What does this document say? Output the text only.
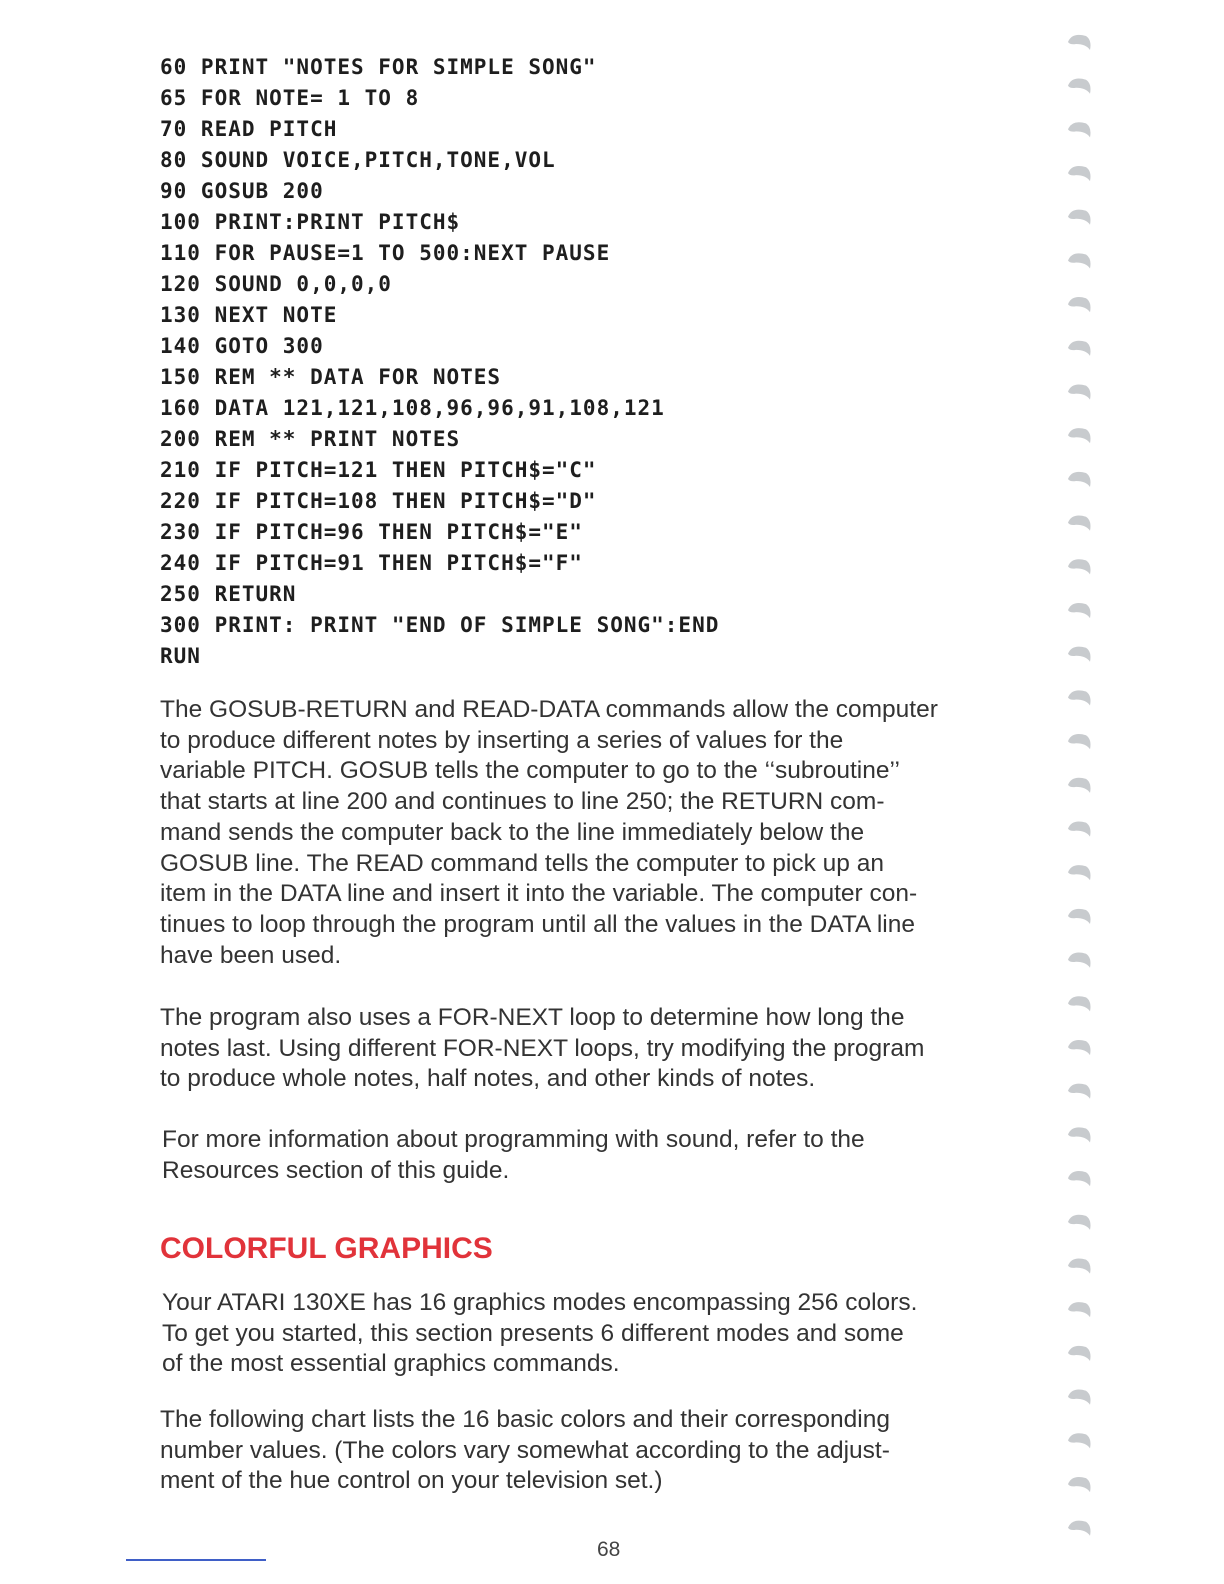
60 PRINT "NOTES FOR SIMPLE SONG"
65 FOR NOTE= 1 TO 8
70 READ PITCH
80 SOUND VOICE,PITCH,TONE,VOL
90 GOSUB 200
100 PRINT:PRINT PITCH$
110 FOR PAUSE=1 TO 500:NEXT PAUSE
120 SOUND 0,0,0,0
130 NEXT NOTE
140 GOTO 300
150 REM ** DATA FOR NOTES
160 DATA 121,121,108,96,96,91,108,121
200 REM ** PRINT NOTES
210 IF PITCH=121 THEN PITCH$="C"
220 IF PITCH=108 THEN PITCH$="D"
230 IF PITCH=96 THEN PITCH$="E"
240 IF PITCH=91 THEN PITCH$="F"
250 RETURN
300 PRINT: PRINT "END OF SIMPLE SONG":END
RUN
The GOSUB-RETURN and READ-DATA commands allow the computer
to produce different notes by inserting a series of values for the
variable PITCH. GOSUB tells the computer to go to the ‘‘subroutine’’
that starts at line 200 and continues to line 250; the RETURN com-
mand sends the computer back to the line immediately below the
GOSUB line. The READ command tells the computer to pick up an
item in the DATA line and insert it into the variable. The computer con-
tinues to loop through the program until all the values in the DATA line
have been used.
The program also uses a FOR-NEXT loop to determine how long the
notes last. Using different FOR-NEXT loops, try modifying the program
to produce whole notes, half notes, and other kinds of notes.
For more information about programming with sound, refer to the
Resources section of this guide.
COLORFUL GRAPHICS
Your ATARI 130XE has 16 graphics modes encompassing 256 colors.
To get you started, this section presents 6 different modes and some
of the most essential graphics commands.
The following chart lists the 16 basic colors and their corresponding
number values. (The colors vary somewhat according to the adjust-
ment of the hue control on your television set.)
68
